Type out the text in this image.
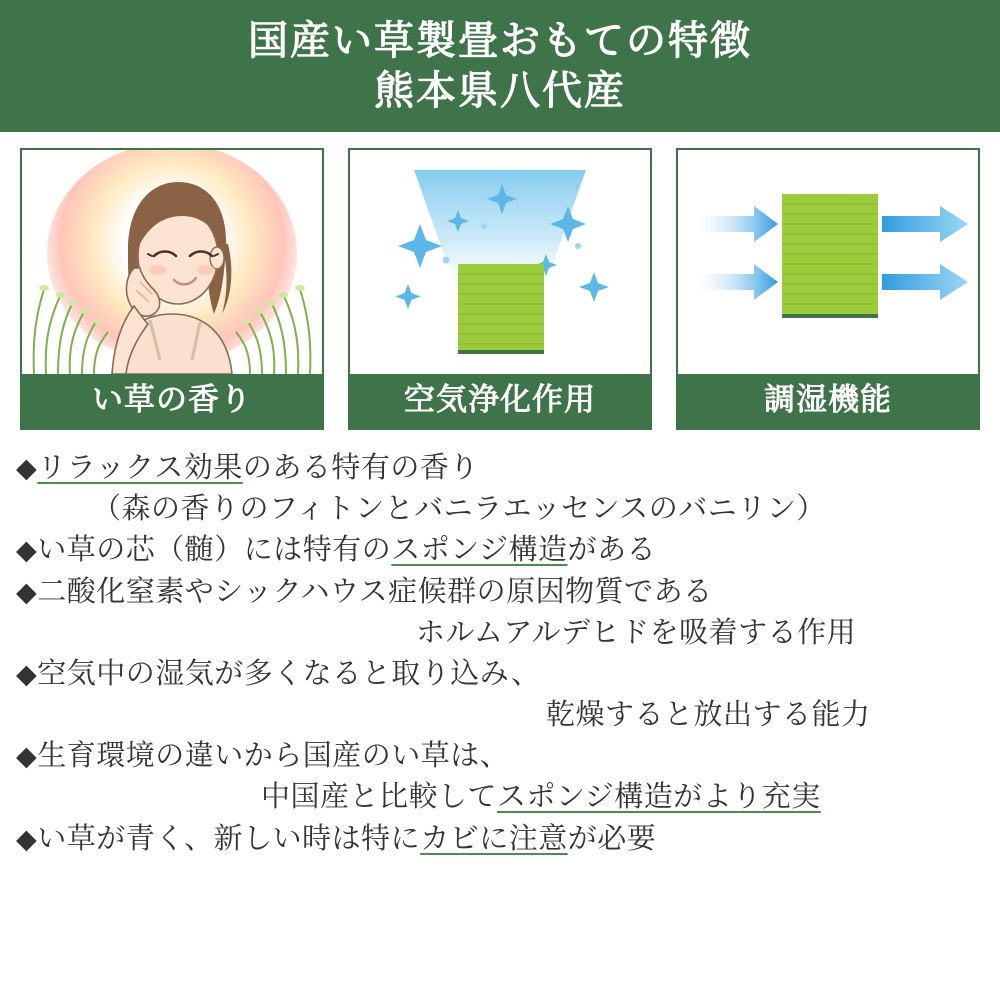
国産い草製畳おもての特徴
熊本県八代産
い草の香り	空気浄化作用	調湿機能
◆リラックス効果のある特有の香り
（森の香りのフィトンとバニラエッセンスのバニリン）
◆い草の芯（髄）には特有のスポンジ構造がある
◆二酸化窒素やシックハウス症候群の原因物質である
ホルムアルデヒドを吸着する作用
◆空気中の湿気が多くなると取り込み、
乾燥すると放出する能力
◆生育環境の違いから国産のい草は、
中国産と比較してスポンジ構造がより充実
◆い草が青く、新しい時は特にカビに注意が必要
